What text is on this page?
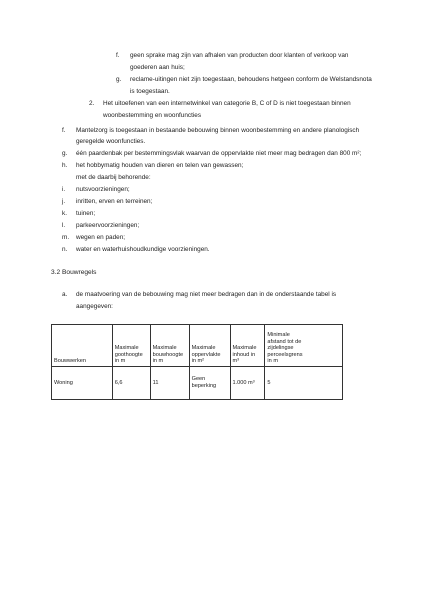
f. geen sprake mag zijn van afhalen van producten door klanten of verkoop van
goederen aan huis;
g. reclame-uitingen niet zijn toegestaan, behoudens hetgeen conform de Welstandsnota
is toegestaan.
2. Het uitoefenen van een internetwinkel van categorie B, C of D is niet toegestaan binnen
woonbestemming en woonfuncties
f. Mantelzorg is toegestaan in bestaande bebouwing binnen woonbestemming en andere planologisch
geregelde woonfuncties.
g. één paardenbak per bestemmingsvlak waarvan de oppervlakte niet meer mag bedragen dan 800 m²;
h. het hobbymatig houden van dieren en telen van gewassen;
met de daarbij behorende:
i. nutsvoorzieningen;
j. inritten, erven en terreinen;
k. tuinen;
l. parkeervoorzieningen;
m. wegen en paden;
n. water en waterhuishoudkundige voorzieningen.
3.2 Bouwregels
a. de maatvoering van de bebouwing mag niet meer bedragen dan in de onderstaande tabel is
aangegeven:
Bouwwerken	Maximale
goothoogte
in m	Maximale
bouwhoogte
in m	Maximale
oppervlakte
in m²	Maximale
inhoud in
m³	Minimale
afstand tot de
zijdelingse
perceelsgrens
in m
Woning	6,6	11	Geen
beperking	1.000 m³	5
